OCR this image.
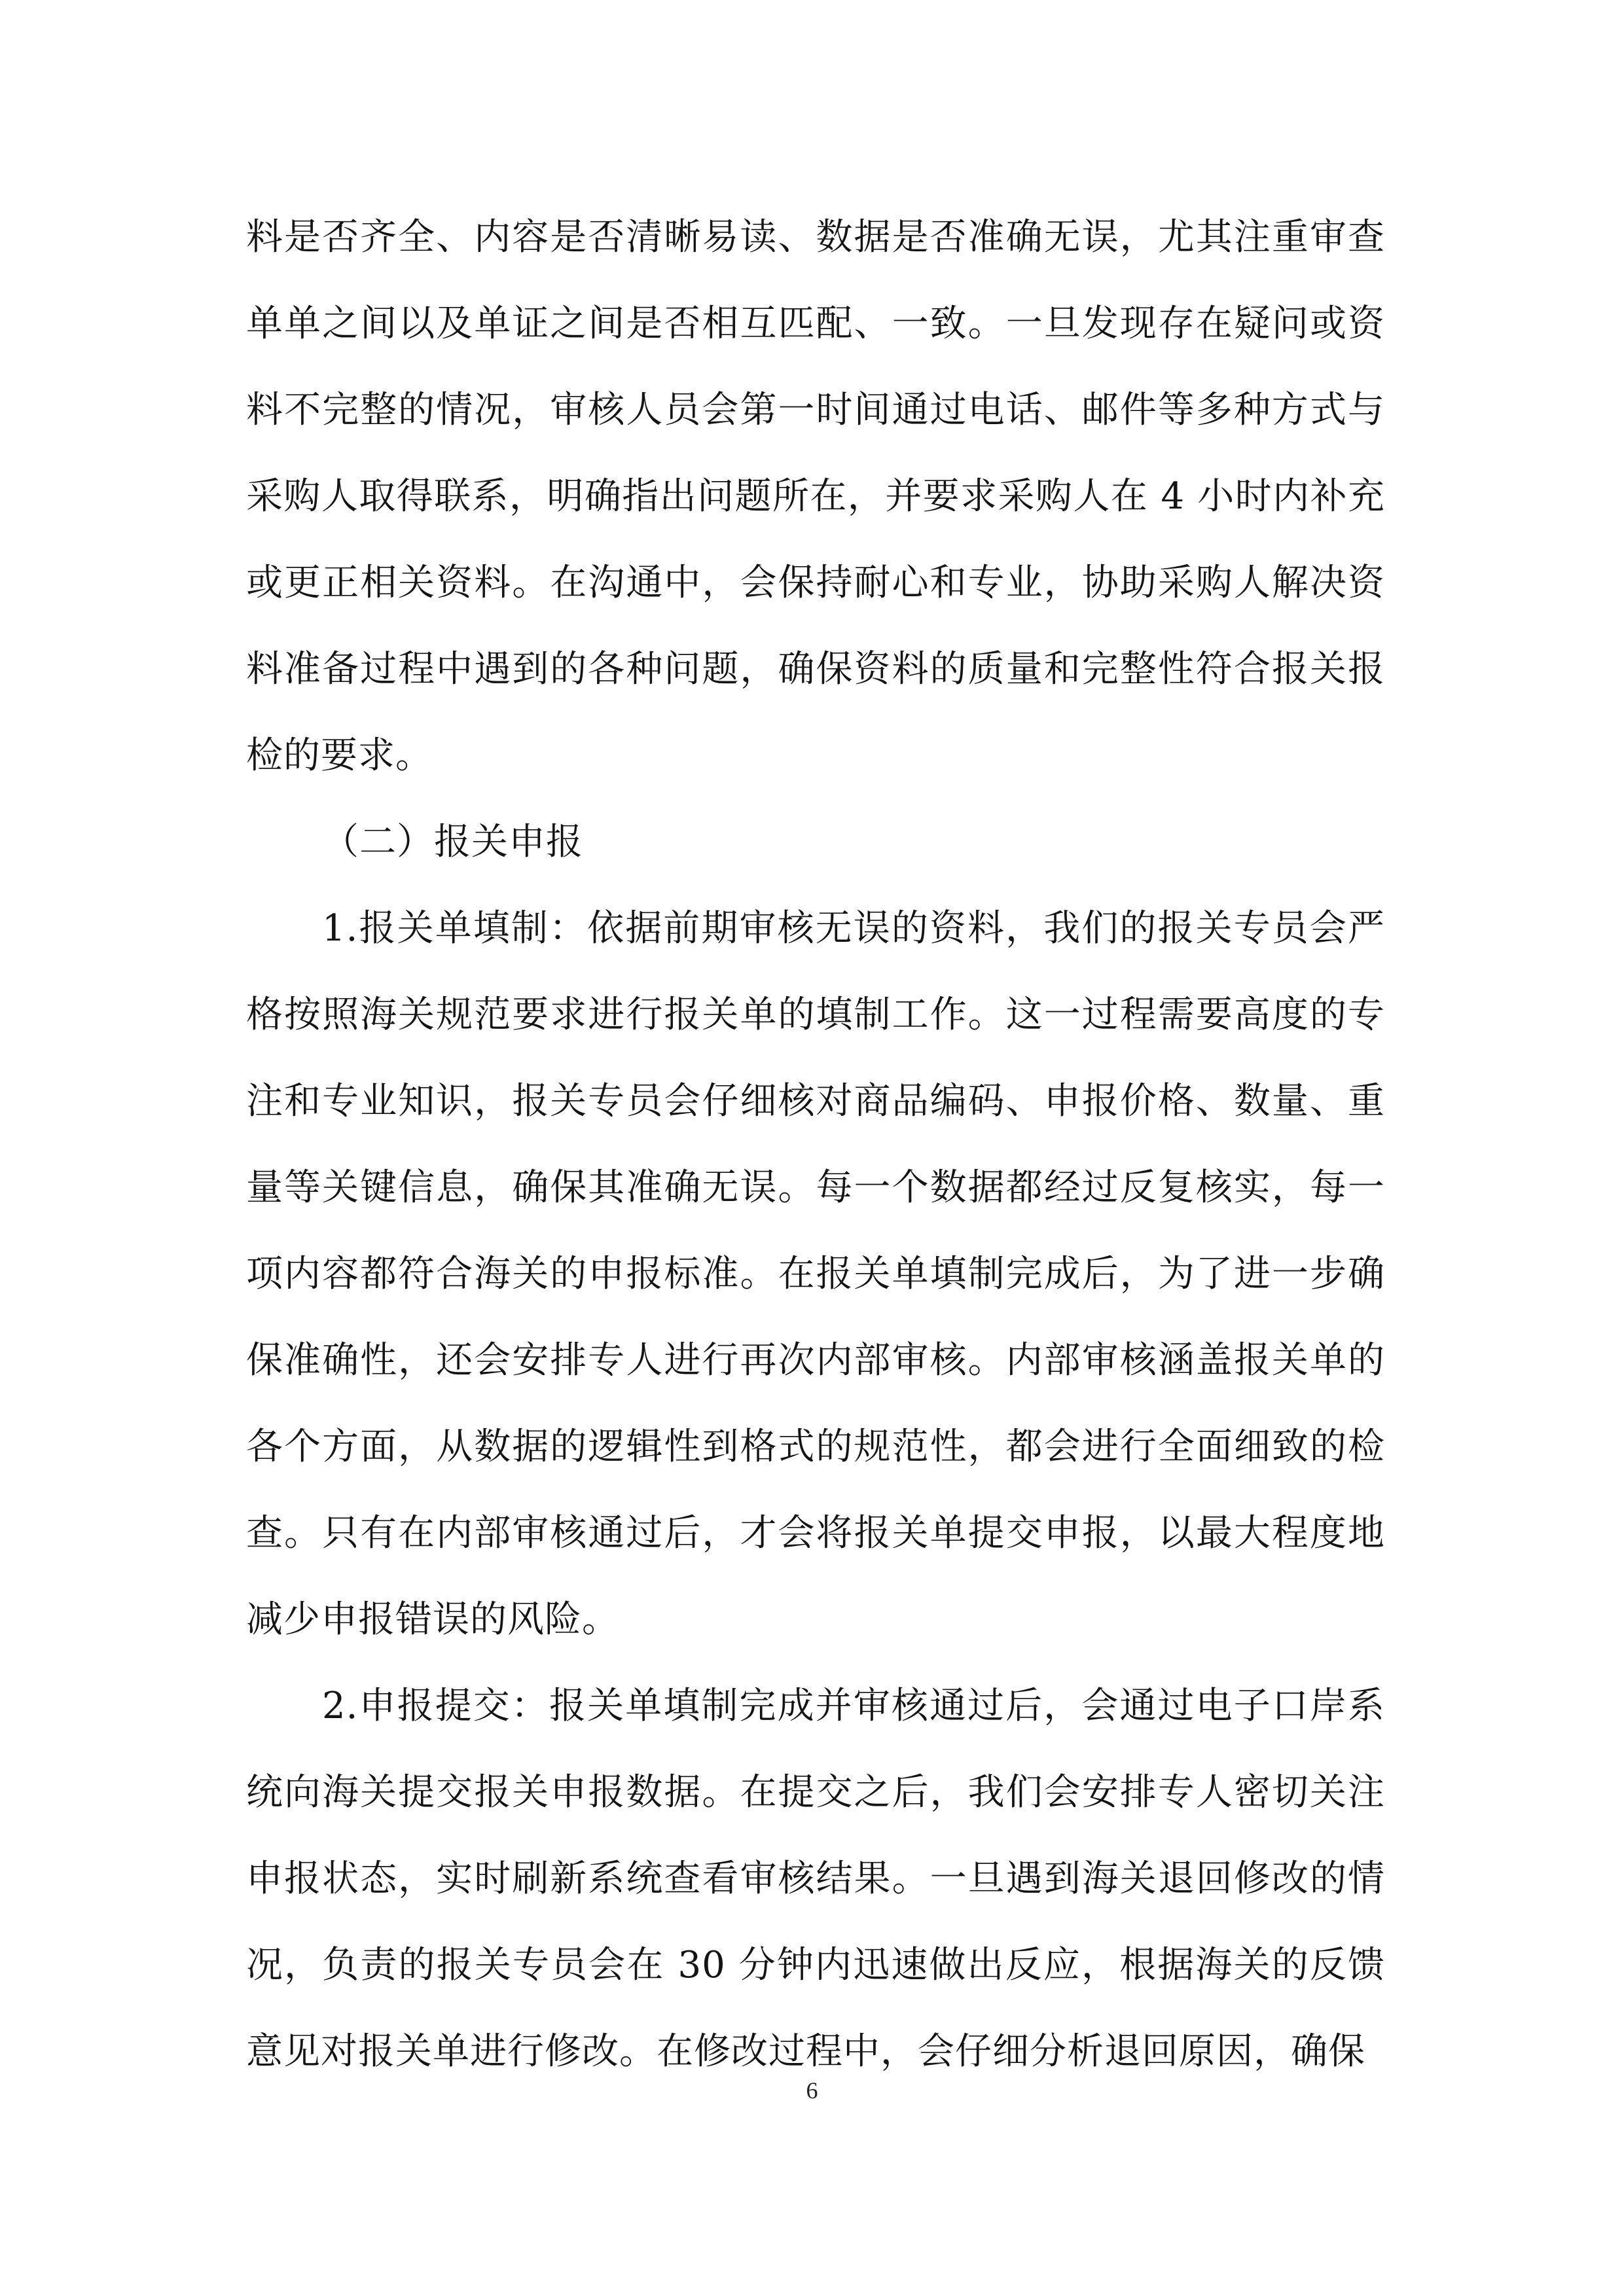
料是否齐全、内容是否清晰易读、数据是否准确无误，尤其注重审查单单之间以及单证之间是否相互匹配、一致。一旦发现存在疑问或资料不完整的情况，审核人员会第一时间通过电话、邮件等多种方式与采购人取得联系，明确指出问题所在，并要求采购人在 4 小时内补充或更正相关资料。在沟通中，会保持耐心和专业，协助采购人解决资料准备过程中遇到的各种问题，确保资料的质量和完整性符合报关报检的要求。

（二）报关申报

1.报关单填制：依据前期审核无误的资料，我们的报关专员会严格按照海关规范要求进行报关单的填制工作。这一过程需要高度的专注和专业知识，报关专员会仔细核对商品编码、申报价格、数量、重量等关键信息，确保其准确无误。每一个数据都经过反复核实，每一项内容都符合海关的申报标准。在报关单填制完成后，为了进一步确保准确性，还会安排专人进行再次内部审核。内部审核涵盖报关单的各个方面，从数据的逻辑性到格式的规范性，都会进行全面细致的检查。只有在内部审核通过后，才会将报关单提交申报，以最大程度地减少申报错误的风险。

2.申报提交：报关单填制完成并审核通过后，会通过电子口岸系统向海关提交报关申报数据。在提交之后，我们会安排专人密切关注申报状态，实时刷新系统查看审核结果。一旦遇到海关退回修改的情况，负责的报关专员会在 30 分钟内迅速做出反应，根据海关的反馈意见对报关单进行修改。在修改过程中，会仔细分析退回原因，确保

6
